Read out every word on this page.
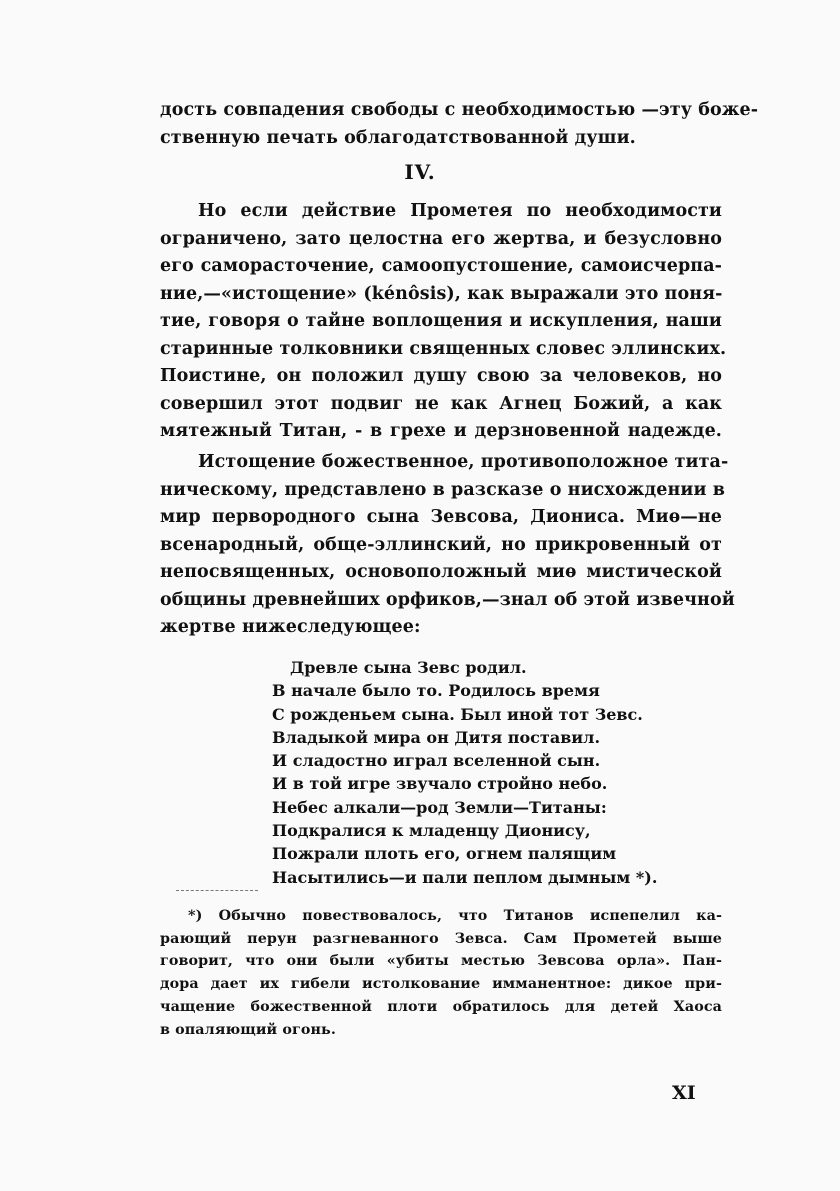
дость совпадения свободы с необходимостью —эту боже-
ственную печать облагодатствованной души.
IV.
Но если действие Прометея по необходимости
ограничено, зато целостна его жертва, и безусловно
его самоpасточение, самоопустошение, самоисчерпа-
ние,—«истощение» (kénôsis), как выражали это поня-
тие, говоря о тайне воплощения и искупления, наши
старинные толковники священных словес эллинских.
Поистине, он положил душу свою за человеков, но
совершил этот подвиг не как Агнец Божий, а как
мятежный Титан, - в грехе и дерзновенной надежде.
Истощение божественное, противоположное тита-
ническому, представлено в разсказе о нисхождении в
мир первородного сына Зевсова, Диониса. Миѳ—не
всенародный, обще-эллинский, но прикровенный от
непосвященных, основоположный миѳ мистической
общины древнейших орфиков,—знал об этой извечной
жертве нижеследующее:
Древле сына Зевс родил.
В начале было то. Родилось время
С рожденьем сына. Был иной тот Зевс.
Владыкой мира он Дитя поставил.
И сладостно играл вселенной сын.
И в той игре звучало стройно небо.
Небес алкали—род Земли—Титаны:
Подкралися к младенцу Дионису,
Пожрали плоть его, огнем палящим
Насытились—и пали пеплом дымным *).
*) Обычно повествовалось, что Титанов испепелил ка-
рающий перун разгневанного Зевса. Сам Прометей выше
говорит, что они были «убиты местью Зевсова орла». Пан-
дора дает их гибели истолкование имманентное: дикое при-
чащение божественной плоти обратилось для детей Хаоса
в опаляющий огонь.
XI
